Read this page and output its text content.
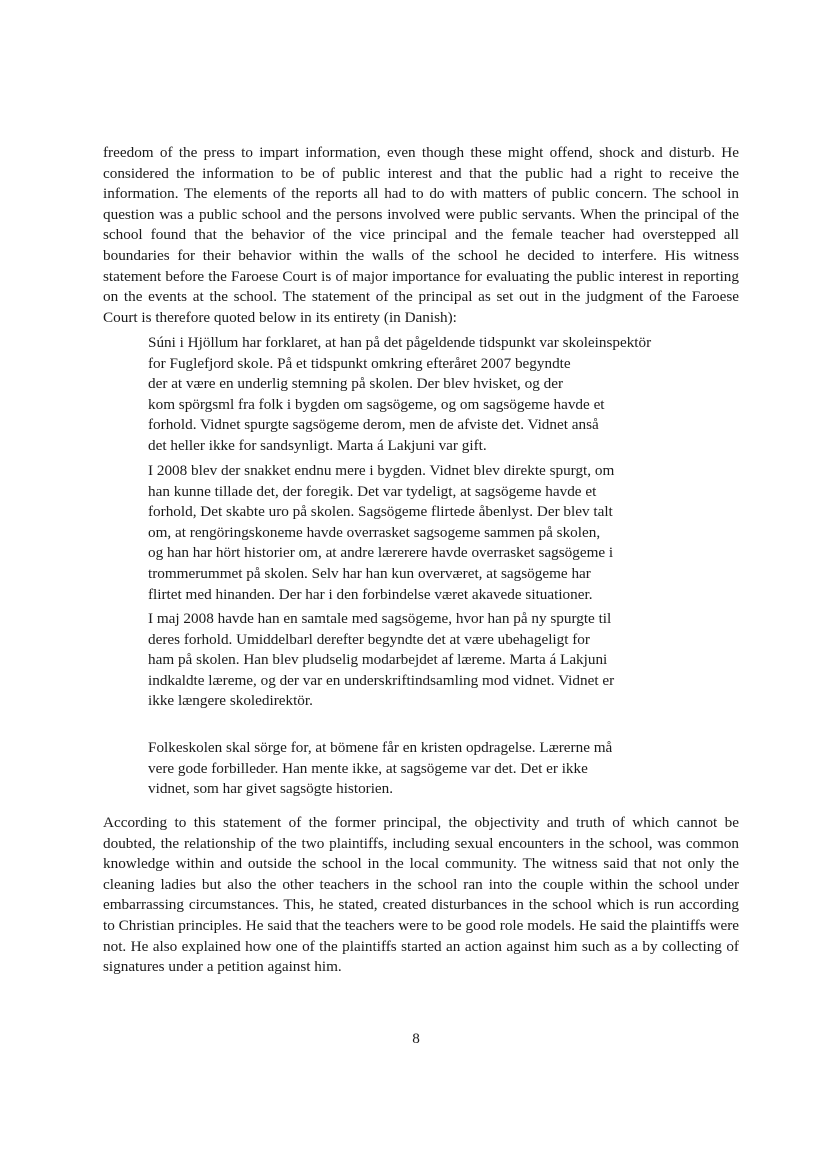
freedom of the press to impart information, even though these might offend, shock and disturb. He considered the information to be of public interest and that the public had a right to receive the information. The elements of the reports all had to do with matters of public concern. The school in question was a public school and the persons involved were public servants. When the principal of the school found that the behavior of the vice principal and the female teacher had overstepped all boundaries for their behavior within the walls of the school he decided to interfere. His witness statement before the Faroese Court is of major importance for evaluating the public interest in reporting on the events at the school. The statement of the principal as set out in the judgment of the Faroese Court is therefore quoted below in its entirety (in Danish):

Súni i Hjöllum har forklaret, at han på det pågeldende tidspunkt var skoleinspektör
for Fuglefjord skole. På et tidspunkt omkring efteråret 2007 begyndte
der at være en underlig stemning på skolen. Der blev hvisket, og der
kom spörgsml fra folk i bygden om sagsögeme, og om sagsögeme havde et
forhold. Vidnet spurgte sagsögeme derom, men de afviste det. Vidnet anså
det heller ikke for sandsynligt. Marta á Lakjuni var gift.
I 2008 blev der snakket endnu mere i bygden. Vidnet blev direkte spurgt, om
han kunne tillade det, der foregik. Det var tydeligt, at sagsögeme havde et
forhold, Det skabte uro på skolen. Sagsögeme flirtede åbenlyst. Der blev talt
om, at rengöringskoneme havde overrasket sagsogeme sammen på skolen,
og han har hört historier om, at andre lærerere havde overrasket sagsögeme i
trommerummet på skolen. Selv har han kun overværet, at sagsögeme har
flirtet med hinanden. Der har i den forbindelse været akavede situationer.
I maj 2008 havde han en samtale med sagsögeme, hvor han på ny spurgte til
deres forhold. Umiddelbarl derefter begyndte det at være ubehageligt for
ham på skolen. Han blev pludselig modarbejdet af læreme. Marta á Lakjuni
indkaldte læreme, og der var en underskriftindsamling mod vidnet. Vidnet er
ikke længere skoledirektör.
Folkeskolen skal sörge for, at bömene får en kristen opdragelse. Lærerne må
vere gode forbilleder. Han mente ikke, at sagsögeme var det. Det er ikke
vidnet, som har givet sagsögte historien.

According to this statement of the former principal, the objectivity and truth of which cannot be doubted, the relationship of the two plaintiffs, including sexual encounters in the school, was common knowledge within and outside the school in the local community. The witness said that not only the cleaning ladies but also the other teachers in the school ran into the couple within the school under embarrassing circumstances. This, he stated, created disturbances in the school which is run according to Christian principles. He said that the teachers were to be good role models. He said the plaintiffs were not. He also explained how one of the plaintiffs started an action against him such as a by collecting of signatures under a petition against him.

8
